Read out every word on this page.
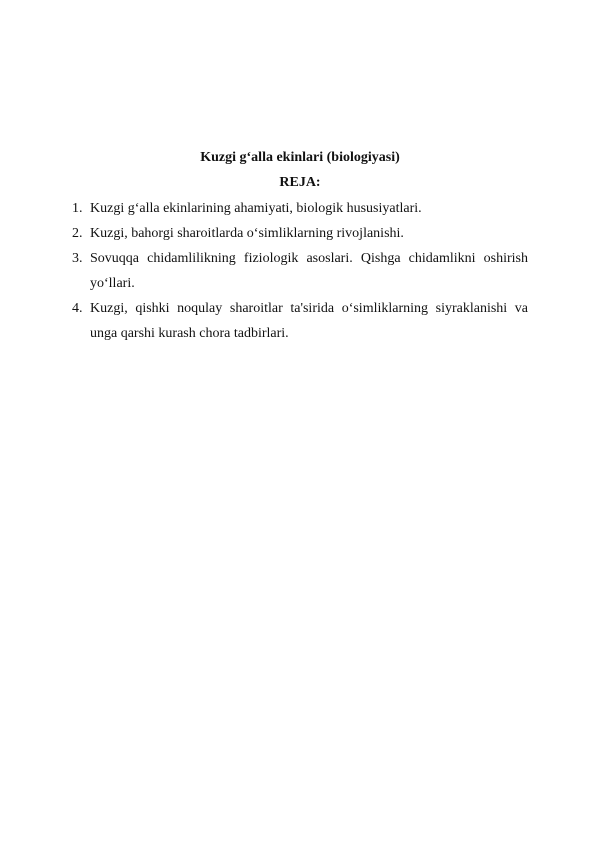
Kuzgi g‘alla ekinlari (biologiyasi)

REJA:

1. Kuzgi g‘alla ekinlarining ahamiyati, biologik hususiyatlari.
2. Kuzgi, bahorgi sharoitlarda o‘simliklarning rivojlanishi.
3. Sovuqqa chidamlilikning fiziologik asoslari. Qishga chidamlikni oshirish yo‘llari.
4. Kuzgi, qishki noqulay sharoitlar ta'sirida o‘simliklarning siyraklanishi va unga qarshi kurash chora tadbirlari.
